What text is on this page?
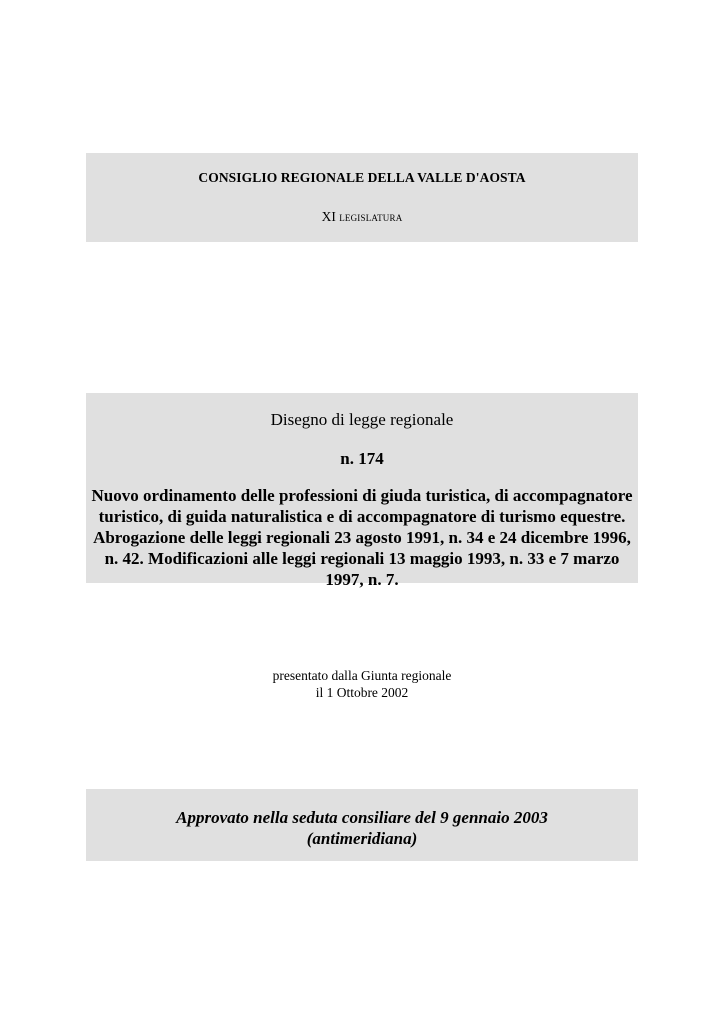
CONSIGLIO REGIONALE DELLA VALLE D'AOSTA
XI LEGISLATURA
Disegno di legge regionale
n. 174
Nuovo ordinamento delle professioni di giuda turistica, di accompagnatore turistico, di guida naturalistica e di accompagnatore di turismo equestre. Abrogazione delle leggi regionali 23 agosto 1991, n. 34 e 24 dicembre 1996, n. 42. Modificazioni alle leggi regionali 13 maggio 1993, n. 33 e 7 marzo 1997, n. 7.
presentato dalla Giunta regionale
il 1 Ottobre 2002
Approvato nella seduta consiliare del 9 gennaio 2003
(antimeridiana)
